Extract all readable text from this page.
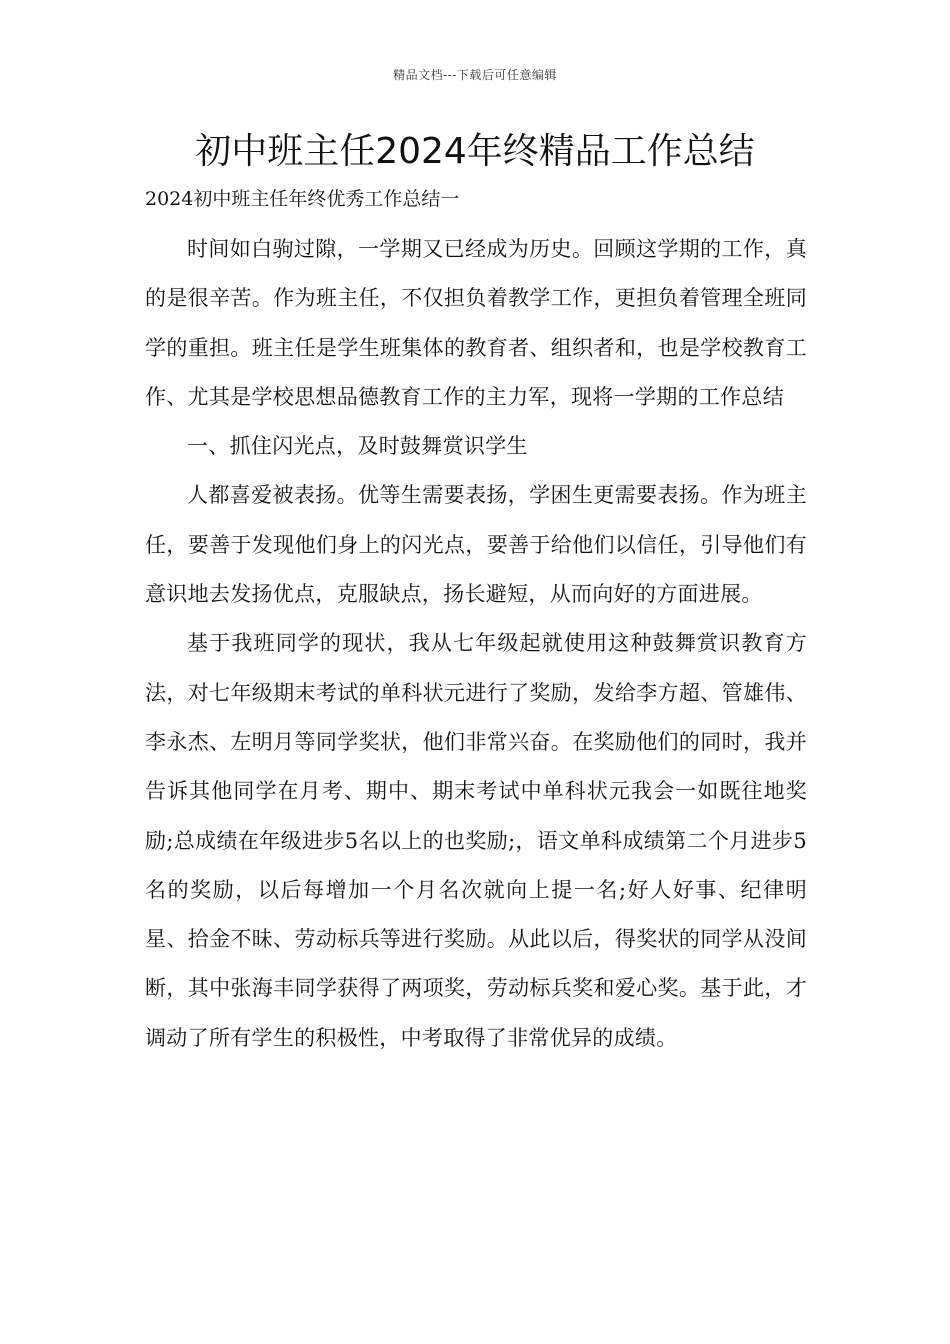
精品文档---下载后可任意编辑
初中班主任2024年终精品工作总结
2024初中班主任年终优秀工作总结一

时间如白驹过隙，一学期又已经成为历史。回顾这学期的工作，真的是很辛苦。作为班主任，不仅担负着教学工作，更担负着管理全班同学的重担。班主任是学生班集体的教育者、组织者和，也是学校教育工作、尤其是学校思想品德教育工作的主力军，现将一学期的工作总结

一、抓住闪光点，及时鼓舞赏识学生

人都喜爱被表扬。优等生需要表扬，学困生更需要表扬。作为班主任，要善于发现他们身上的闪光点，要善于给他们以信任，引导他们有意识地去发扬优点，克服缺点，扬长避短，从而向好的方面进展。

基于我班同学的现状，我从七年级起就使用这种鼓舞赏识教育方法，对七年级期末考试的单科状元进行了奖励，发给李方超、管雄伟、李永杰、左明月等同学奖状，他们非常兴奋。在奖励他们的同时，我并告诉其他同学在月考、期中、期末考试中单科状元我会一如既往地奖励;总成绩在年级进步5名以上的也奖励;，语文单科成绩第二个月进步5名的奖励，以后每增加一个月名次就向上提一名;好人好事、纪律明星、拾金不昧、劳动标兵等进行奖励。从此以后，得奖状的同学从没间断，其中张海丰同学获得了两项奖，劳动标兵奖和爱心奖。基于此，才调动了所有学生的积极性，中考取得了非常优异的成绩。
